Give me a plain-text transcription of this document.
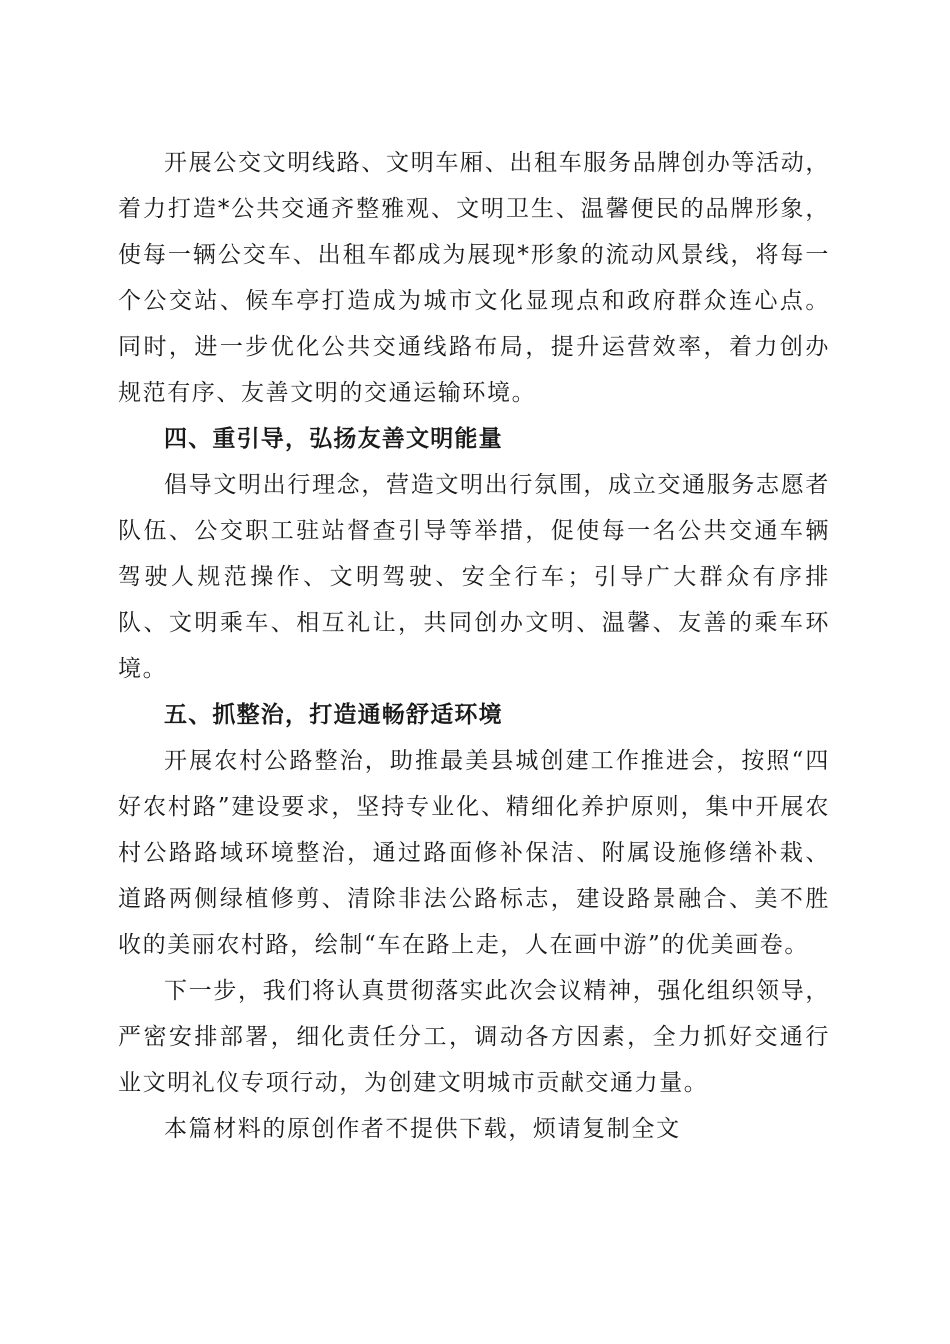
开展公交文明线路、文明车厢、出租车服务品牌创办等活动，着力打造*公共交通齐整雅观、文明卫生、温馨便民的品牌形象，使每一辆公交车、出租车都成为展现*形象的流动风景线，将每一个公交站、候车亭打造成为城市文化显现点和政府群众连心点。同时，进一步优化公共交通线路布局，提升运营效率，着力创办规范有序、友善文明的交通运输环境。

四、重引导，弘扬友善文明能量

倡导文明出行理念，营造文明出行氛围，成立交通服务志愿者队伍、公交职工驻站督查引导等举措，促使每一名公共交通车辆驾驶人规范操作、文明驾驶、安全行车；引导广大群众有序排队、文明乘车、相互礼让，共同创办文明、温馨、友善的乘车环境。

五、抓整治，打造通畅舒适环境

开展农村公路整治，助推最美县城创建工作推进会，按照“四好农村路”建设要求，坚持专业化、精细化养护原则，集中开展农村公路路域环境整治，通过路面修补保洁、附属设施修缮补栽、道路两侧绿植修剪、清除非法公路标志，建设路景融合、美不胜收的美丽农村路，绘制“车在路上走，人在画中游”的优美画卷。

下一步，我们将认真贯彻落实此次会议精神，强化组织领导，严密安排部署，细化责任分工，调动各方因素，全力抓好交通行业文明礼仪专项行动，为创建文明城市贡献交通力量。

本篇材料的原创作者不提供下载，烦请复制全文
